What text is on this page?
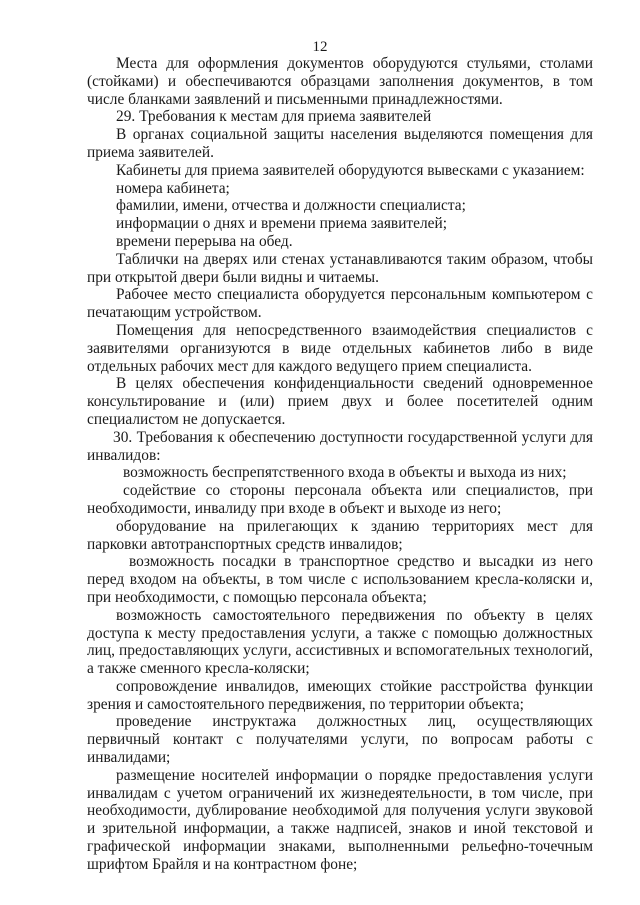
12

Места для оформления документов оборудуются стульями, столами (стойками) и обеспечиваются образцами заполнения документов, в том числе бланками заявлений и письменными принадлежностями.

29. Требования к местам для приема заявителей

В органах социальной защиты населения выделяются помещения для приема заявителей.

Кабинеты для приема заявителей оборудуются вывесками с указанием:

номера кабинета;

фамилии, имени, отчества и должности специалиста;

информации о днях и времени приема заявителей;

времени перерыва на обед.

Таблички на дверях или стенах устанавливаются таким образом, чтобы при открытой двери были видны и читаемы.

Рабочее место специалиста оборудуется персональным компьютером с печатающим устройством.

Помещения для непосредственного взаимодействия специалистов с заявителями организуются в виде отдельных кабинетов либо в виде отдельных рабочих мест для каждого ведущего прием специалиста.

В целях обеспечения конфиденциальности сведений одновременное консультирование и (или) прием двух и более посетителей одним специалистом не допускается.

30. Требования к обеспечению доступности государственной услуги для инвалидов:

возможность беспрепятственного входа в объекты и выхода из них;

содействие со стороны персонала объекта или специалистов, при необходимости, инвалиду при входе в объект и выходе из него;

оборудование на прилегающих к зданию территориях мест для парковки автотранспортных средств инвалидов;

возможность посадки в транспортное средство и высадки из него перед входом на объекты, в том числе с использованием кресла-коляски и, при необходимости, с помощью персонала объекта;

возможность самостоятельного передвижения по объекту в целях доступа к месту предоставления услуги, а также с помощью должностных лиц, предоставляющих услуги, ассистивных и вспомогательных технологий, а также сменного кресла-коляски;

сопровождение инвалидов, имеющих стойкие расстройства функции зрения и самостоятельного передвижения, по территории объекта;

проведение инструктажа должностных лиц, осуществляющих первичный контакт с получателями услуги, по вопросам работы с инвалидами;

размещение носителей информации о порядке предоставления услуги инвалидам с учетом ограничений их жизнедеятельности, в том числе, при необходимости, дублирование необходимой для получения услуги звуковой и зрительной информации, а также надписей, знаков и иной текстовой и графической информации знаками, выполненными рельефно-точечным шрифтом Брайля и на контрастном фоне;
